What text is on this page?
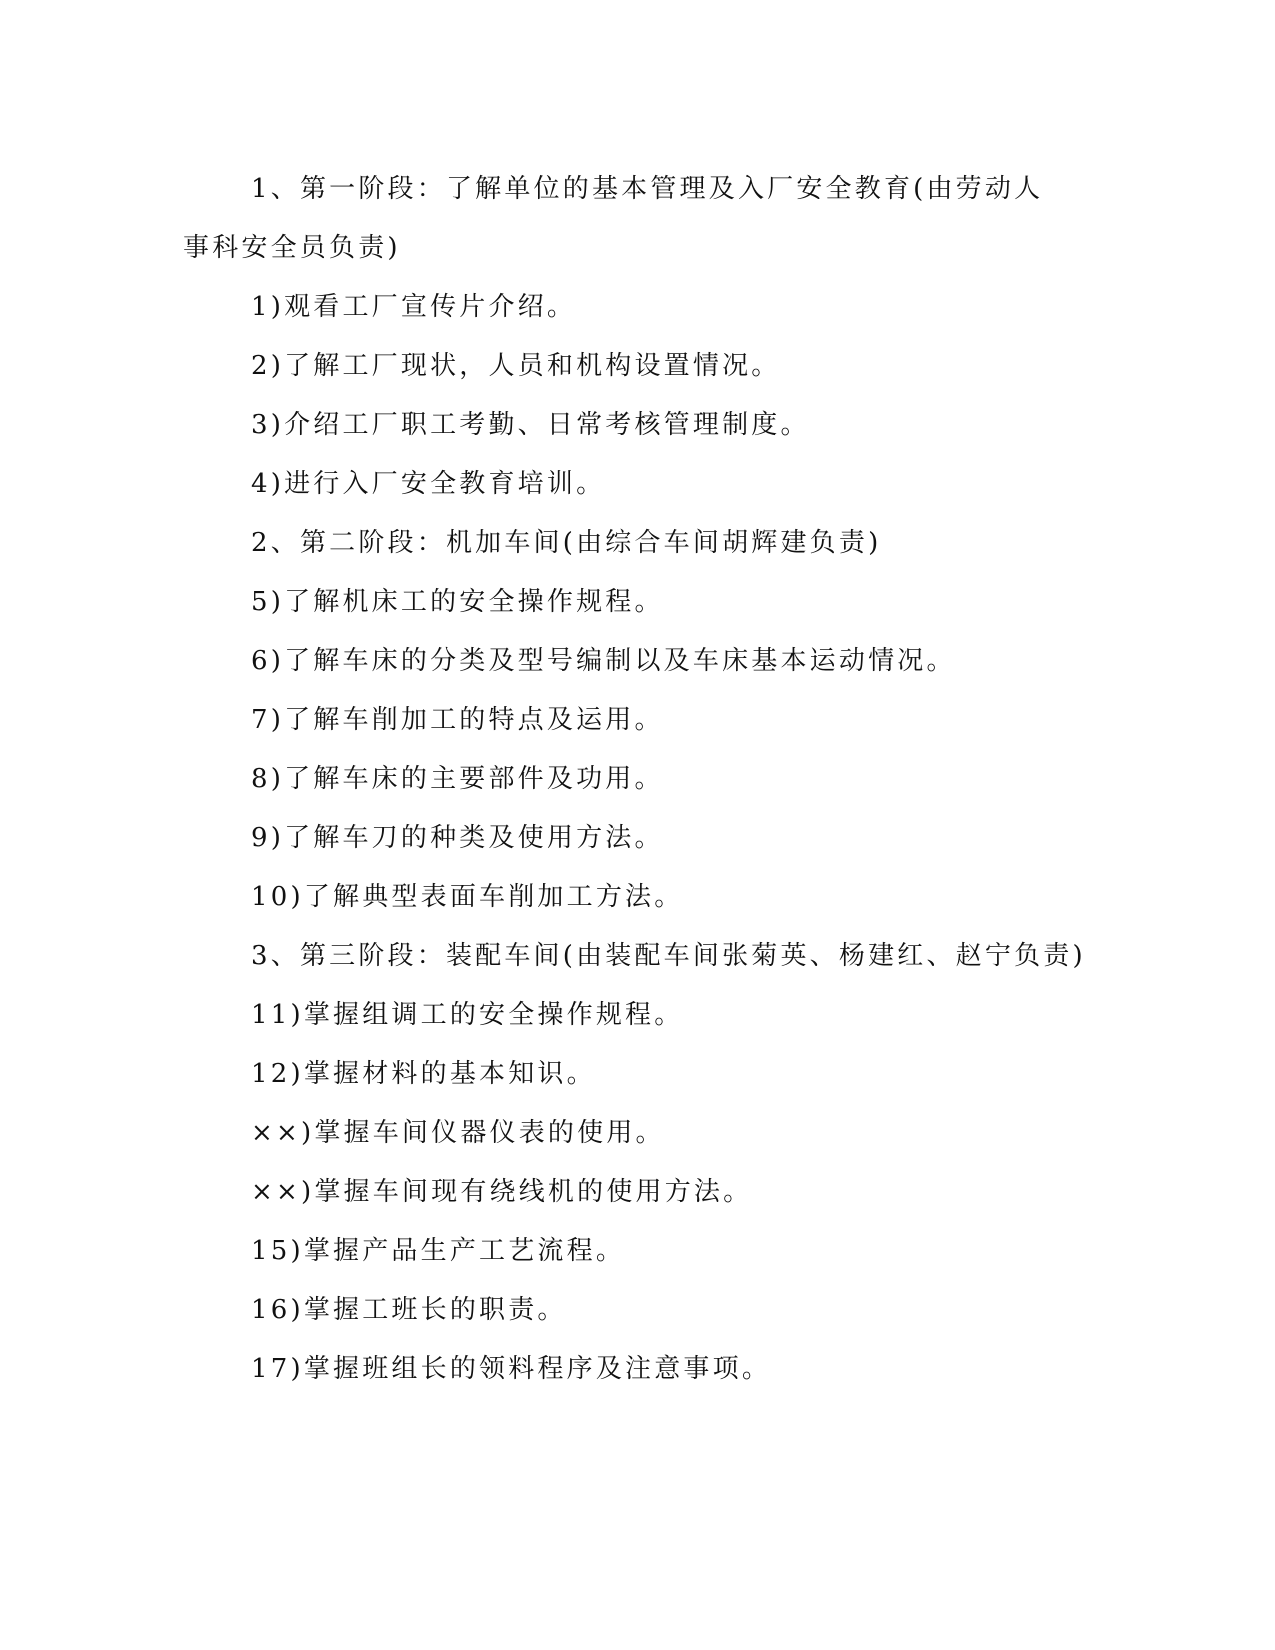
1、第一阶段：了解单位的基本管理及入厂安全教育(由劳动人事科安全员负责)

1)观看工厂宣传片介绍。

2)了解工厂现状，人员和机构设置情况。

3)介绍工厂职工考勤、日常考核管理制度。

4)进行入厂安全教育培训。

2、第二阶段：机加车间(由综合车间胡辉建负责)

5)了解机床工的安全操作规程。

6)了解车床的分类及型号编制以及车床基本运动情况。

7)了解车削加工的特点及运用。

8)了解车床的主要部件及功用。

9)了解车刀的种类及使用方法。

10)了解典型表面车削加工方法。

3、第三阶段：装配车间(由装配车间张菊英、杨建红、赵宁负责)

11)掌握组调工的安全操作规程。

12)掌握材料的基本知识。

××)掌握车间仪器仪表的使用。

××)掌握车间现有绕线机的使用方法。

15)掌握产品生产工艺流程。

16)掌握工班长的职责。

17)掌握班组长的领料程序及注意事项。
